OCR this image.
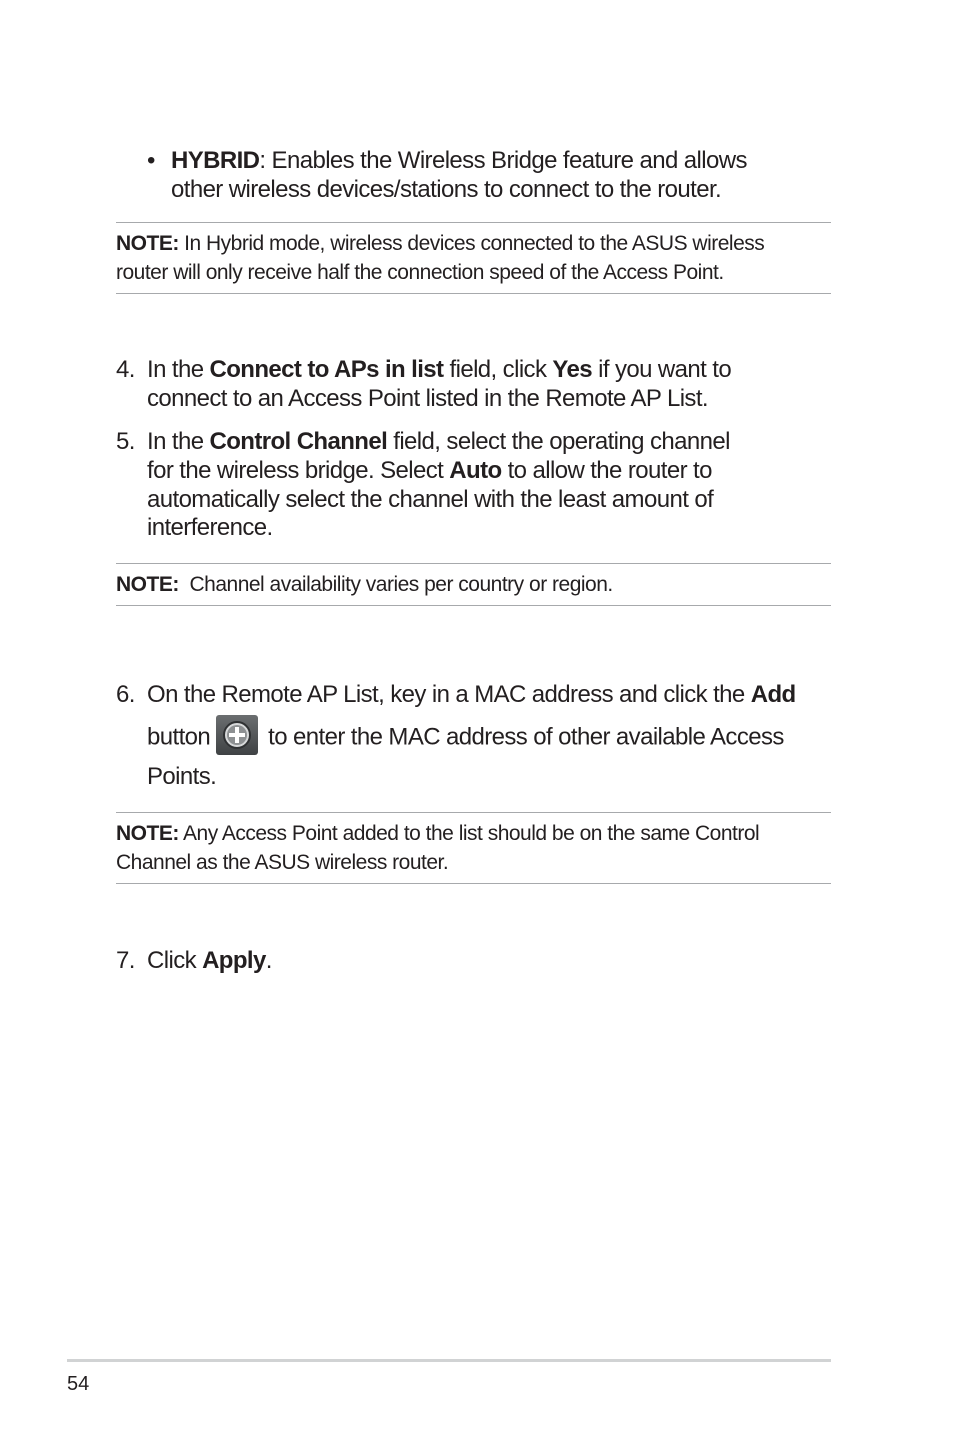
• HYBRID: Enables the Wireless Bridge feature and allows
other wireless devices/stations to connect to the router.
NOTE: In Hybrid mode, wireless devices connected to the ASUS wireless
router will only receive half the connection speed of the Access Point.
4. In the Connect to APs in list field, click Yes if you want to
connect to an Access Point listed in the Remote AP List.
5. In the Control Channel field, select the operating channel
for the wireless bridge. Select Auto to allow the router to
automatically select the channel with the least amount of
interference.
NOTE:  Channel availability varies per country or region.
6. On the Remote AP List, key in a MAC address and click the Add
button to enter the MAC address of other available Access
Points.
NOTE: Any Access Point added to the list should be on the same Control
Channel as the ASUS wireless router.
7. Click Apply.
54
